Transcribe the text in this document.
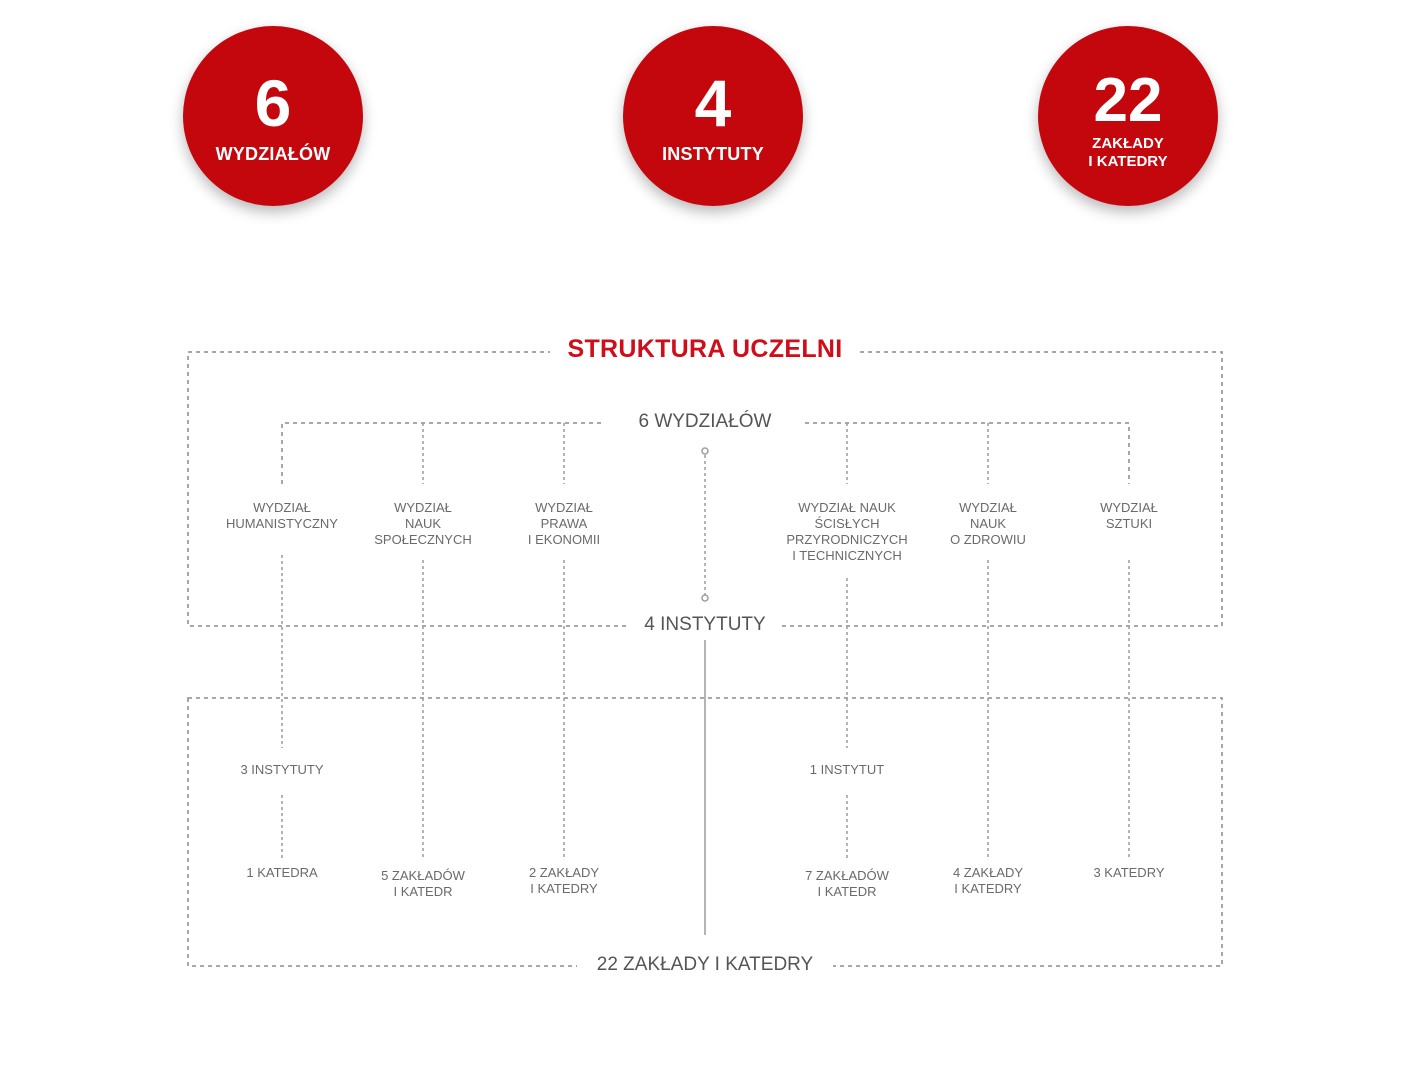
6
WYDZIAŁÓW
4
INSTYTUTY
22
ZAKŁADY
I KATEDRY
STRUKTURA UCZELNI
6 WYDZIAŁÓW
4 INSTYTUTY
22 ZAKŁADY I KATEDRY
WYDZIAŁ
HUMANISTYCZNY
WYDZIAŁ
NAUK
SPOŁECZNYCH
WYDZIAŁ
PRAWA
I EKONOMII
WYDZIAŁ NAUK
ŚCISŁYCH
PRZYRODNICZYCH
I TECHNICZNYCH
WYDZIAŁ
NAUK
O ZDROWIU
WYDZIAŁ
SZTUKI
3 INSTYTUTY	1 INSTYTUT
1 KATEDRA	5 ZAKŁADÓW
I KATEDR
2 ZAKŁADY
I KATEDRY
7 ZAKŁADÓW
I KATEDR
4 ZAKŁADY
I KATEDRY
3 KATEDRY
